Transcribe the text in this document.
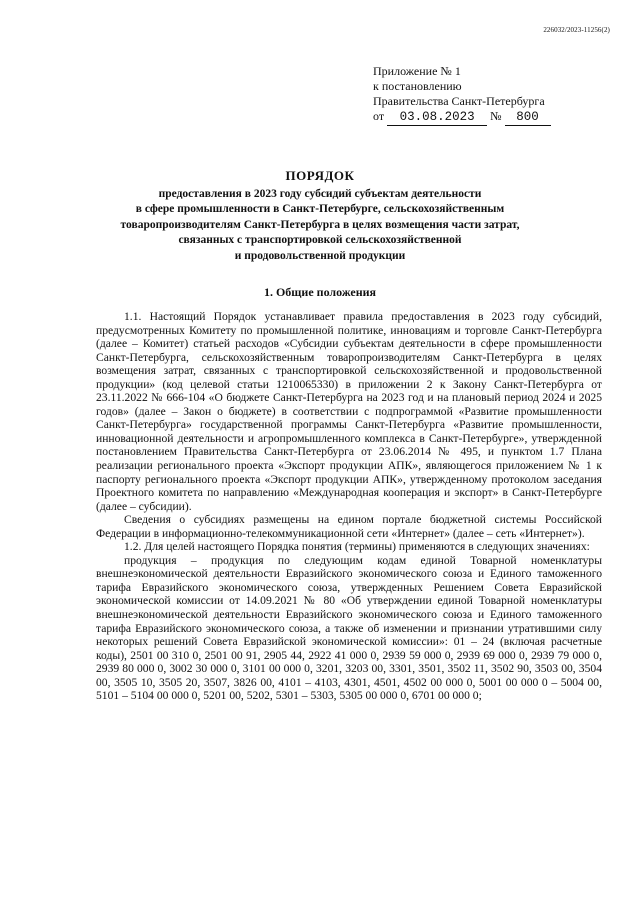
226032/2023-11256(2)
Приложение № 1
к постановлению
Правительства Санкт-Петербурга
от 03.08.2023 № 800
ПОРЯДОК
предоставления в 2023 году субсидий субъектам деятельности
в сфере промышленности в Санкт-Петербурге, сельскохозяйственным
товаропроизводителям Санкт-Петербурга в целях возмещения части затрат,
связанных с транспортировкой сельскохозяйственной
и продовольственной продукции
1. Общие положения

1.1. Настоящий Порядок устанавливает правила предоставления в 2023 году субсидий, предусмотренных Комитету по промышленной политике, инновациям и торговле Санкт-Петербурга (далее – Комитет) статьей расходов «Субсидии субъектам деятельности в сфере промышленности Санкт-Петербурга, сельскохозяйственным товаропроизводителям Санкт-Петербурга в целях возмещения затрат, связанных с транспортировкой сельскохозяйственной и продовольственной продукции» (код целевой статьи 1210065330) в приложении 2 к Закону Санкт-Петербурга от 23.11.2022 № 666-104 «О бюджете Санкт-Петербурга на 2023 год и на плановый период 2024 и 2025 годов» (далее – Закон о бюджете) в соответствии с подпрограммой «Развитие промышленности Санкт-Петербурга» государственной программы Санкт-Петербурга «Развитие промышленности, инновационной деятельности и агропромышленного комплекса в Санкт-Петербурге», утвержденной постановлением Правительства Санкт-Петербурга от 23.06.2014 № 495, и пунктом 1.7 Плана реализации регионального проекта «Экспорт продукции АПК», являющегося приложением № 1 к паспорту регионального проекта «Экспорт продукции АПК», утвержденному протоколом заседания Проектного комитета по направлению «Международная кооперация и экспорт» в Санкт-Петербурге (далее – субсидии).

Сведения о субсидиях размещены на едином портале бюджетной системы Российской Федерации в информационно-телекоммуникационной сети «Интернет» (далее – сеть «Интернет»).

1.2. Для целей настоящего Порядка понятия (термины) применяются в следующих значениях:

продукция – продукция по следующим кодам единой Товарной номенклатуры внешнеэкономической деятельности Евразийского экономического союза и Единого таможенного тарифа Евразийского экономического союза, утвержденных Решением Совета Евразийской экономической комиссии от 14.09.2021 № 80 «Об утверждении единой Товарной номенклатуры внешнеэкономической деятельности Евразийского экономического союза и Единого таможенного тарифа Евразийского экономического союза, а также об изменении и признании утратившими силу некоторых решений Совета Евразийской экономической комиссии»: 01 – 24 (включая расчетные коды), 2501 00 310 0, 2501 00 91, 2905 44, 2922 41 000 0, 2939 59 000 0, 2939 69 000 0, 2939 79 000 0, 2939 80 000 0, 3002 30 000 0, 3101 00 000 0, 3201, 3203 00, 3301, 3501, 3502 11, 3502 90, 3503 00, 3504 00, 3505 10, 3505 20, 3507, 3826 00, 4101 – 4103, 4301, 4501, 4502 00 000 0, 5001 00 000 0 – 5004 00, 5101 – 5104 00 000 0, 5201 00, 5202, 5301 – 5303, 5305 00 000 0, 6701 00 000 0;
